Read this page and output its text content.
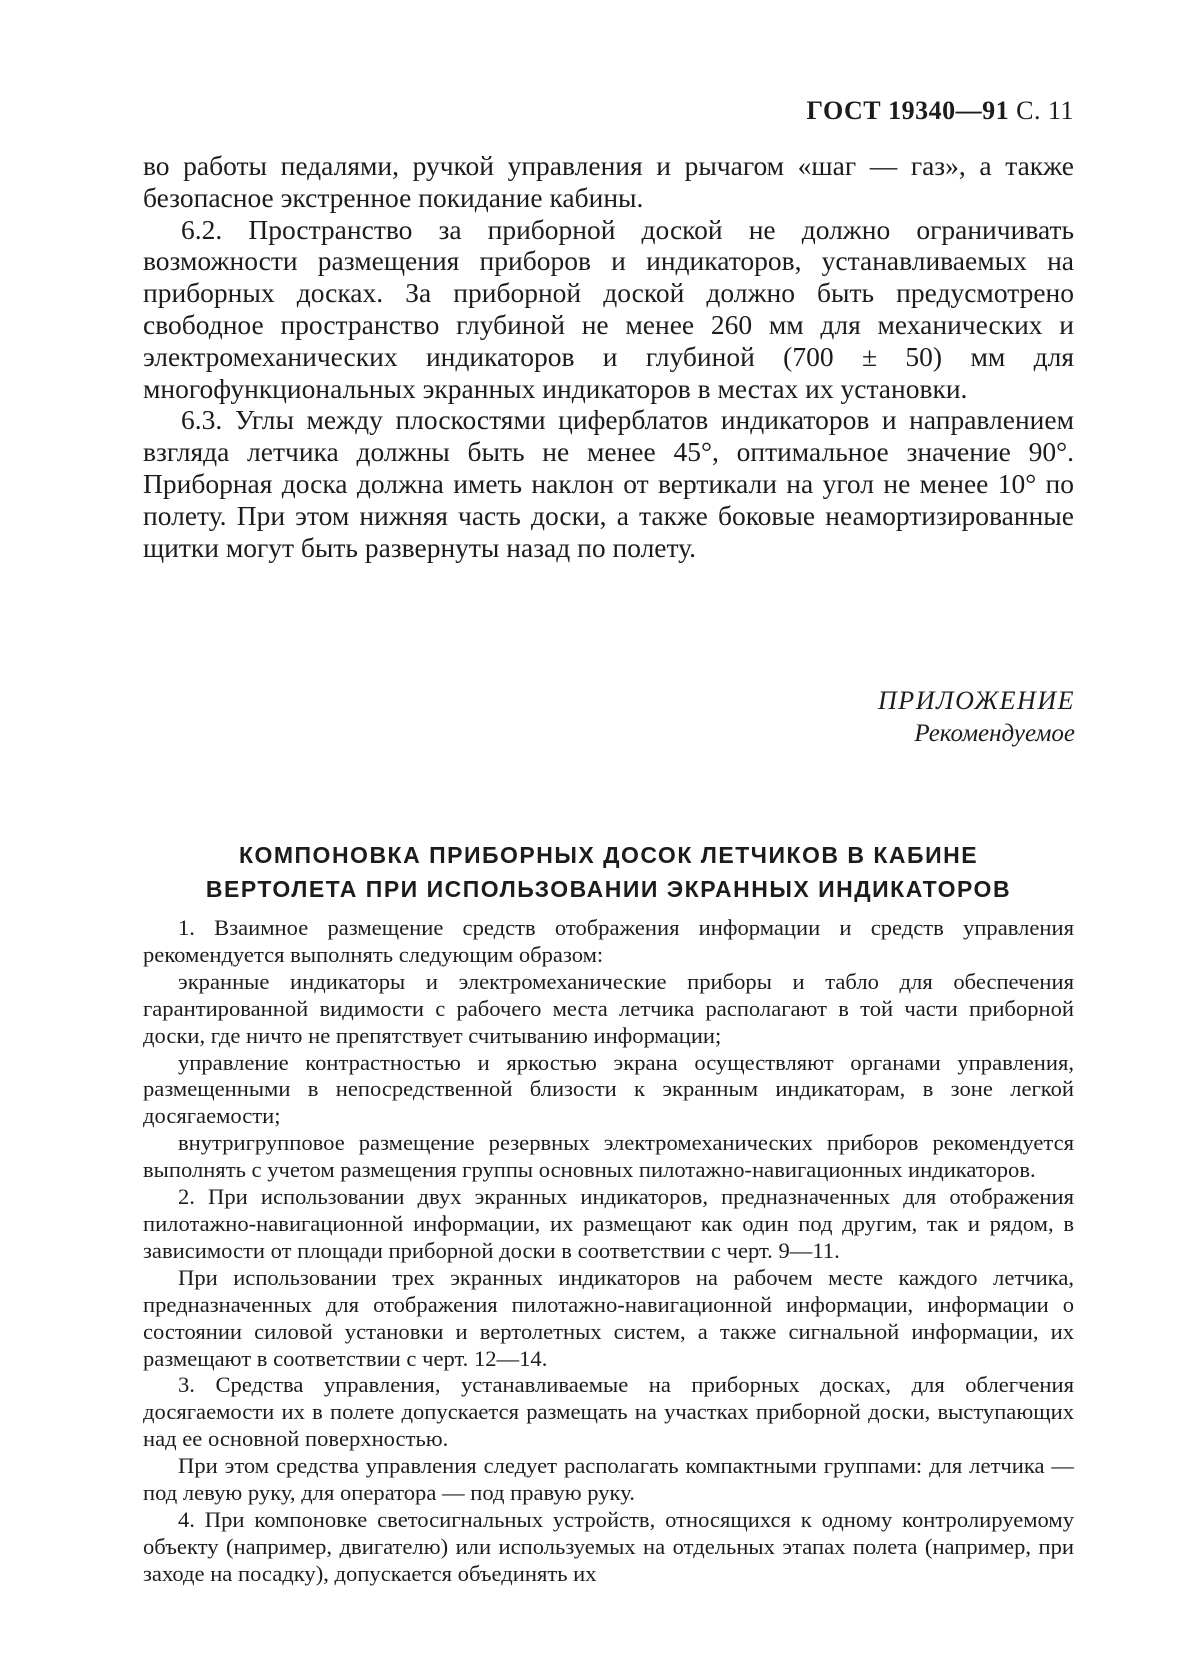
ГОСТ 19340—91 С. 11

во работы педалями, ручкой управления и рычагом «шаг — газ», а также безопасное экстренное покидание кабины.

6.2. Пространство за приборной доской не должно ограничивать возможности размещения приборов и индикаторов, устанавливаемых на приборных досках. За приборной доской должно быть предусмотрено свободное пространство глубиной не менее 260 мм для механических и электромеханических индикаторов и глубиной (700 ± 50) мм для многофункциональных экранных индикаторов в местах их установки.

6.3. Углы между плоскостями циферблатов индикаторов и направлением взгляда летчика должны быть не менее 45°, оптимальное значение 90°. Приборная доска должна иметь наклон от вертикали на угол не менее 10° по полету. При этом нижняя часть доски, а также боковые неамортизированные щитки могут быть развернуты назад по полету.

ПРИЛОЖЕНИЕ
Рекомендуемое
КОМПОНОВКА ПРИБОРНЫХ ДОСОК ЛЕТЧИКОВ В КАБИНЕ
ВЕРТОЛЕТА ПРИ ИСПОЛЬЗОВАНИИ ЭКРАННЫХ ИНДИКАТОРОВ

1. Взаимное размещение средств отображения информации и средств управления рекомендуется выполнять следующим образом:

экранные индикаторы и электромеханические приборы и табло для обеспечения гарантированной видимости с рабочего места летчика располагают в той части приборной доски, где ничто не препятствует считыванию информации;

управление контрастностью и яркостью экрана осуществляют органами управления, размещенными в непосредственной близости к экранным индикаторам, в зоне легкой досягаемости;

внутригрупповое размещение резервных электромеханических приборов рекомендуется выполнять с учетом размещения группы основных пилотажно-навигационных индикаторов.

2. При использовании двух экранных индикаторов, предназначенных для отображения пилотажно-навигационной информации, их размещают как один под другим, так и рядом, в зависимости от площади приборной доски в соответствии с черт. 9—11.

При использовании трех экранных индикаторов на рабочем месте каждого летчика, предназначенных для отображения пилотажно-навигационной информации, информации о состоянии силовой установки и вертолетных систем, а также сигнальной информации, их размещают в соответствии с черт. 12—14.

3. Средства управления, устанавливаемые на приборных досках, для облегчения досягаемости их в полете допускается размещать на участках приборной доски, выступающих над ее основной поверхностью.

При этом средства управления следует располагать компактными группами: для летчика — под левую руку, для оператора — под правую руку.

4. При компоновке светосигнальных устройств, относящихся к одному контролируемому объекту (например, двигателю) или используемых на отдельных этапах полета (например, при заходе на посадку), допускается объединять их
